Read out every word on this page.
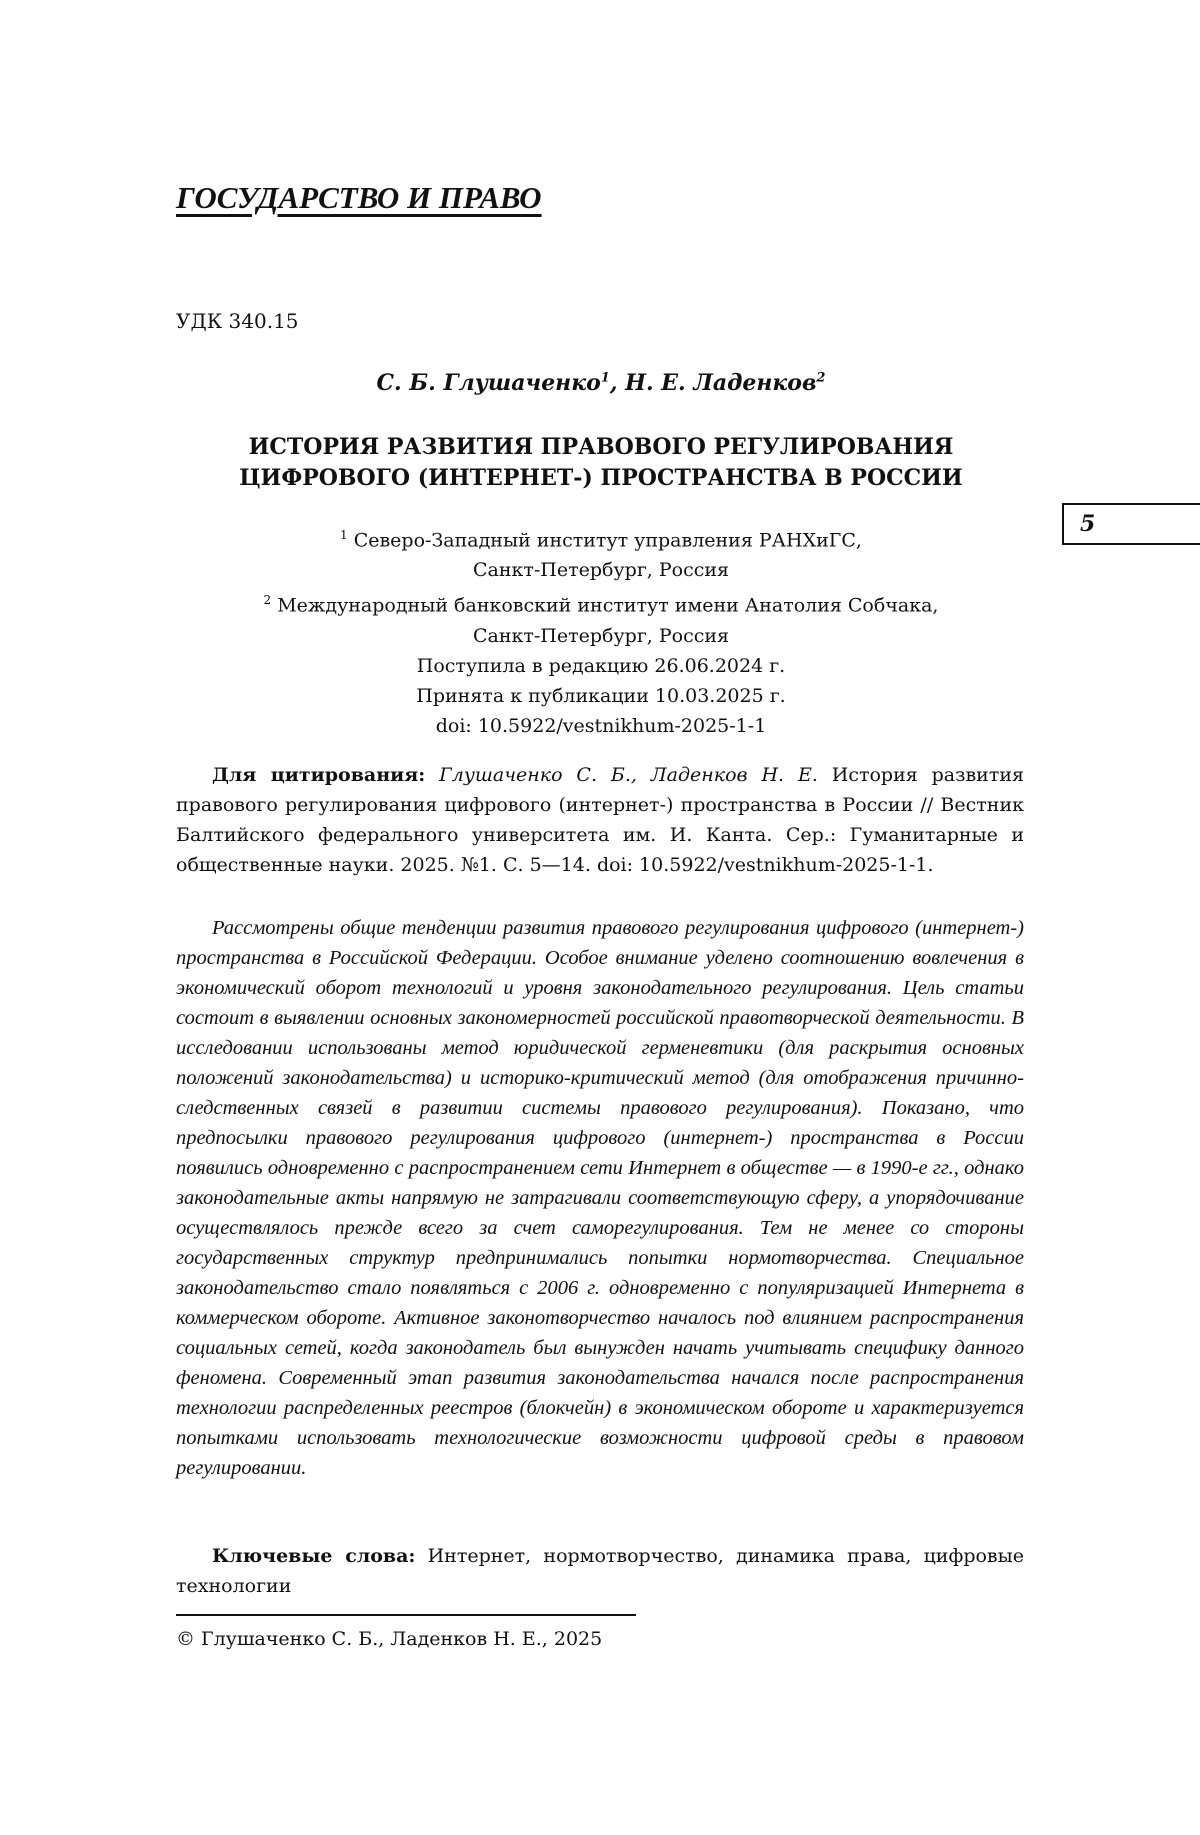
ГОСУДАРСТВО И ПРАВО
УДК 340.15
С. Б. Глушаченко$^1$, Н. Е. Ладенков$^2$
ИСТОРИЯ РАЗВИТИЯ ПРАВОВОГО РЕГУЛИРОВАНИЯ
ЦИФРОВОГО (ИНТЕРНЕТ-) ПРОСТРАНСТВА В РОССИИ
5
$^1$ Северо-Западный институт управления РАНХиГС,
Санкт-Петербург, Россия
$^2$ Международный банковский институт имени Анатолия Собчака,
Санкт-Петербург, Россия
Поступила в редакцию 26.06.2024 г.
Принята к публикации 10.03.2025 г.
doi: 10.5922/vestnikhum-2025-1-1
Для цитирования: Глушаченко С. Б., Ладенков Н. Е. История развития правового регулирования цифрового (интернет-) пространства в России // Вестник Балтийского федерального университета им. И. Канта. Сер.: Гуманитарные и общественные науки. 2025. №1. С. 5—14. doi: 10.5922/vestnikhum-2025-1-1.
Рассмотрены общие тенденции развития правового регулирования цифрового (интернет-) пространства в Российской Федерации. Особое внимание уделено соотношению вовлечения в экономический оборот технологий и уровня законодательного регулирования. Цель статьи состоит в выявлении основных закономерностей российской правотворческой деятельности. В исследовании использованы метод юридической герменевтики (для раскрытия основных положений законодательства) и историко-критический метод (для отображения причинно-следственных связей в развитии системы правового регулирования). Показано, что предпосылки правового регулирования цифрового (интернет-) пространства в России появились одновременно с распространением сети Интернет в обществе — в 1990-е гг., однако законодательные акты напрямую не затрагивали соответствующую сферу, а упорядочивание осуществлялось прежде всего за счет саморегулирования. Тем не менее со стороны государственных структур предпринимались попытки нормотворчества. Специальное законодательство стало появляться с 2006 г. одновременно с популяризацией Интернета в коммерческом обороте. Активное законотворчество началось под влиянием распространения социальных сетей, когда законодатель был вынужден начать учитывать специфику данного феномена. Современный этап развития законодательства начался после распространения технологии распределенных реестров (блокчейн) в экономическом обороте и характеризуется попытками использовать технологические возможности цифровой среды в правовом регулировании.
Ключевые слова: Интернет, нормотворчество, динамика права, цифровые технологии
© Глушаченко С. Б., Ладенков Н. Е., 2025
